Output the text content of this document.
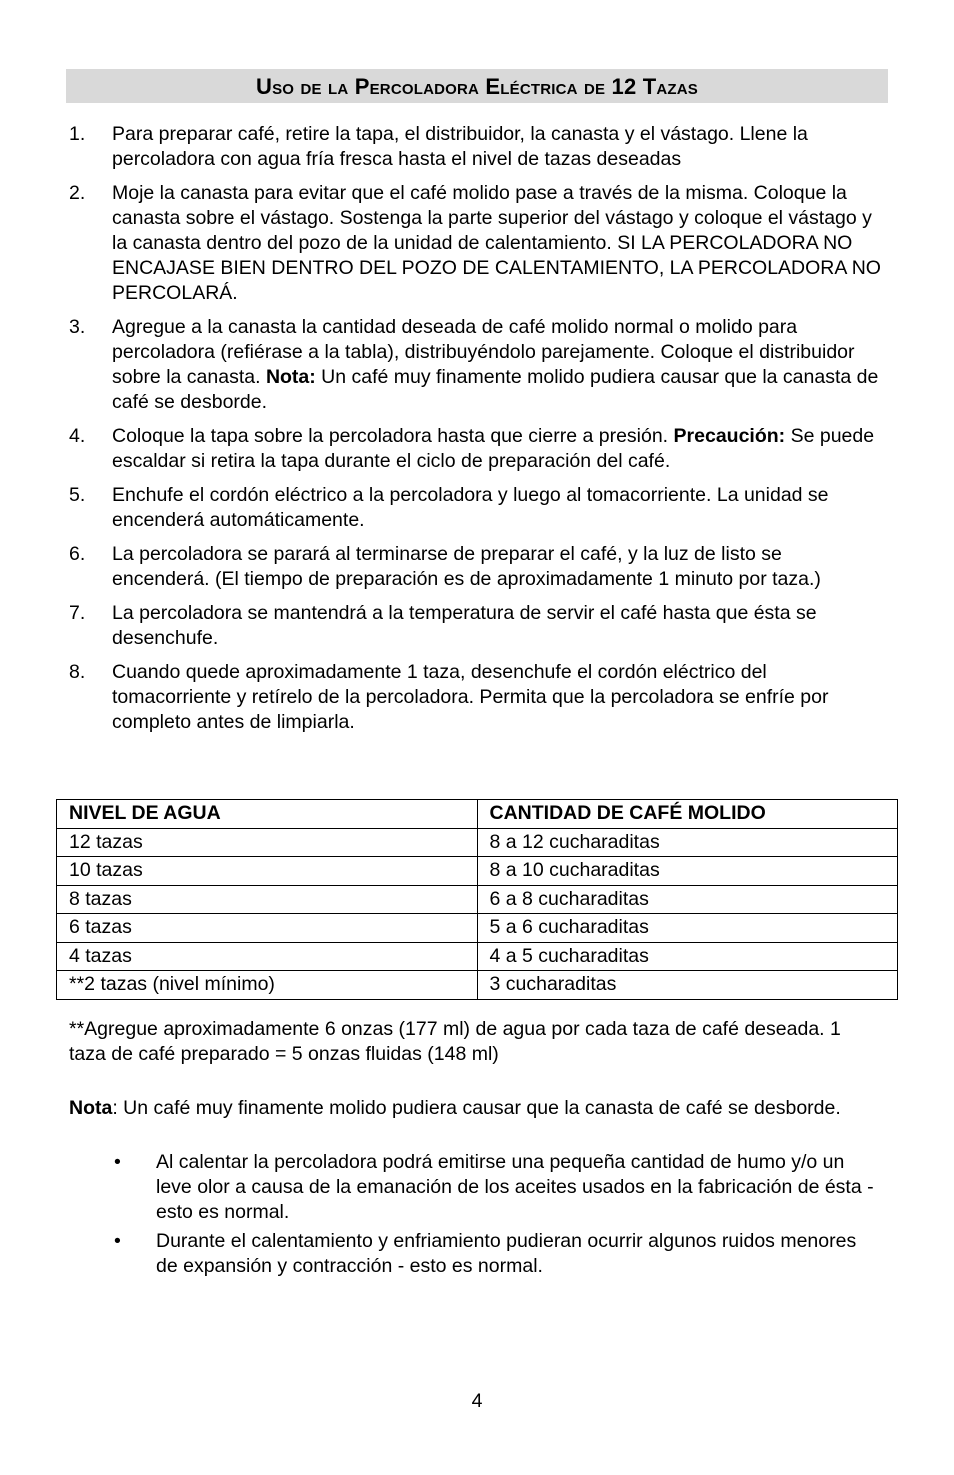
Uso de la Percoladora Eléctrica de 12 Tazas
1. Para preparar café, retire la tapa, el distribuidor, la canasta y el vástago. Llene la percoladora con agua fría fresca hasta el nivel de tazas deseadas
2. Moje la canasta para evitar que el café molido pase a través de la misma. Coloque la canasta sobre el vástago. Sostenga la parte superior del vástago y coloque el vástago y la canasta dentro del pozo de la unidad de calentamiento. SI LA PERCOLADORA NO ENCAJASE BIEN DENTRO DEL POZO DE CALENTAMIENTO, LA PERCOLADORA NO PERCOLARÁ.
3. Agregue a la canasta la cantidad deseada de café molido normal o molido para percoladora (refiérase a la tabla), distribuyéndolo parejamente. Coloque el distribuidor sobre la canasta. Nota: Un café muy finamente molido pudiera causar que la canasta de café se desborde.
4. Coloque la tapa sobre la percoladora hasta que cierre a presión. Precaución: Se puede escaldar si retira la tapa durante el ciclo de preparación del café.
5. Enchufe el cordón eléctrico a la percoladora y luego al tomacorriente. La unidad se encenderá automáticamente.
6. La percoladora se parará al terminarse de preparar el café, y la luz de listo se encenderá. (El tiempo de preparación es de aproximadamente 1 minuto por taza.)
7. La percoladora se mantendrá a la temperatura de servir el café hasta que ésta se desenchufe.
8. Cuando quede aproximadamente 1 taza, desenchufe el cordón eléctrico del tomacorriente y retírelo de la percoladora. Permita que la percoladora se enfríe por completo antes de limpiarla.
NIVEL DE AGUA	CANTIDAD DE CAFÉ MOLIDO
12 tazas	8 a 12 cucharaditas
10 tazas	8 a 10 cucharaditas
8 tazas	6 a 8 cucharaditas
6 tazas	5 a 6 cucharaditas
4 tazas	4 a 5 cucharaditas
**2 tazas (nivel mínimo)	3 cucharaditas
**Agregue aproximadamente 6 onzas (177 ml) de agua por cada taza de café deseada. 1 taza de café preparado = 5 onzas fluidas (148 ml)
Nota: Un café muy finamente molido pudiera causar que la canasta de café se desborde.
• Al calentar la percoladora podrá emitirse una pequeña cantidad de humo y/o un leve olor a causa de la emanación de los aceites usados en la fabricación de ésta - esto es normal.
• Durante el calentamiento y enfriamiento pudieran ocurrir algunos ruidos menores de expansión y contracción - esto es normal.
4
